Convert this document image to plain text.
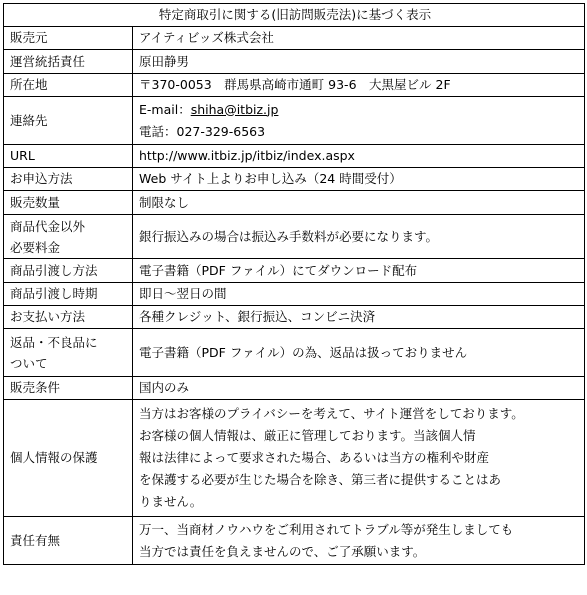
特定商取引に関する(旧訪問販売法)に基づく表示	
販売元	アイティビッズ株式会社
運営統括責任	原田静男
所在地	〒370-0053　群馬県高崎市通町 93-6　大黒屋ビル 2F
連絡先	E-mail：shiha@itbiz.jp
電話：027-329-6563

URL	http://www.itbiz.jp/itbiz/index.aspx
お申込方法	Web サイト上よりお申し込み（24 時間受付）
販売数量	制限なし

商品代金以外
必要料金	銀行振込みの場合は振込み手数料が必要になります。
商品引渡し方法	電子書籍（PDF ファイル）にてダウンロード配布
商品引渡し時期	即日～翌日の間
お支払い方法	各種クレジット、銀行振込、コンビニ決済

返品・不良品に
ついて	電子書籍（PDF ファイル）の為、返品は扱っておりません
販売条件	国内のみ
個人情報の保護	当方はお客様のプライバシーを考えて、サイト運営をしております。
お客様の個人情報は、厳正に管理しております。当該個人情
報は法律によって要求された場合、あるいは当方の権利や財産
を保護する必要が生じた場合を除き、第三者に提供することはあ
りません。

責任有無	万一、当商材ノウハウをご利用されてトラブル等が発生しましても
当方では責任を負えませんので、ご了承願います。
